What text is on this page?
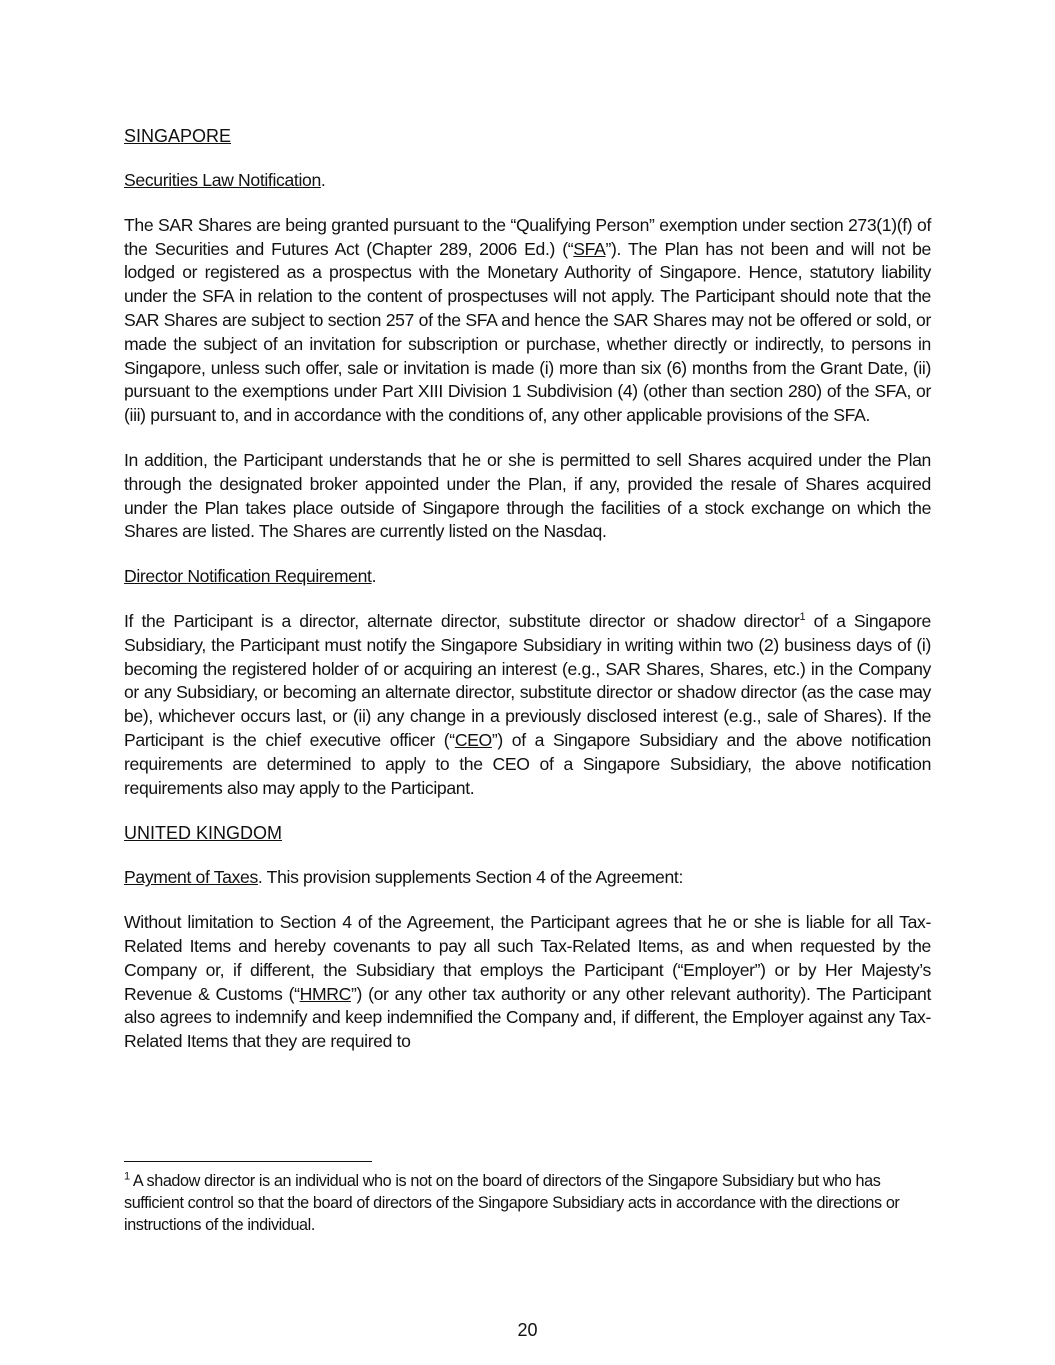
SINGAPORE
Securities Law Notification.
The SAR Shares are being granted pursuant to the “Qualifying Person” exemption under section 273(1)(f) of the Securities and Futures Act (Chapter 289, 2006 Ed.) (“SFA”). The Plan has not been and will not be lodged or registered as a prospectus with the Monetary Authority of Singapore. Hence, statutory liability under the SFA in relation to the content of prospectuses will not apply. The Participant should note that the SAR Shares are subject to section 257 of the SFA and hence the SAR Shares may not be offered or sold, or made the subject of an invitation for subscription or purchase, whether directly or indirectly, to persons in Singapore, unless such offer, sale or invitation is made (i) more than six (6) months from the Grant Date, (ii) pursuant to the exemptions under Part XIII Division 1 Subdivision (4) (other than section 280) of the SFA, or (iii) pursuant to, and in accordance with the conditions of, any other applicable provisions of the SFA.
In addition, the Participant understands that he or she is permitted to sell Shares acquired under the Plan through the designated broker appointed under the Plan, if any, provided the resale of Shares acquired under the Plan takes place outside of Singapore through the facilities of a stock exchange on which the Shares are listed. The Shares are currently listed on the Nasdaq.
Director Notification Requirement.
If the Participant is a director, alternate director, substitute director or shadow director$^1$ of a Singapore Subsidiary, the Participant must notify the Singapore Subsidiary in writing within two (2) business days of (i) becoming the registered holder of or acquiring an interest (e.g., SAR Shares, Shares, etc.) in the Company or any Subsidiary, or becoming an alternate director, substitute director or shadow director (as the case may be), whichever occurs last, or (ii) any change in a previously disclosed interest (e.g., sale of Shares). If the Participant is the chief executive officer (“CEO”) of a Singapore Subsidiary and the above notification requirements are determined to apply to the CEO of a Singapore Subsidiary, the above notification requirements also may apply to the Participant.
UNITED KINGDOM
Payment of Taxes. This provision supplements Section 4 of the Agreement:
Without limitation to Section 4 of the Agreement, the Participant agrees that he or she is liable for all Tax-Related Items and hereby covenants to pay all such Tax-Related Items, as and when requested by the Company or, if different, the Subsidiary that employs the Participant (“Employer”) or by Her Majesty’s Revenue & Customs (“HMRC”) (or any other tax authority or any other relevant authority). The Participant also agrees to indemnify and keep indemnified the Company and, if different, the Employer against any Tax-Related Items that they are required to
$^1$ A shadow director is an individual who is not on the board of directors of the Singapore Subsidiary but who has sufficient control so that the board of directors of the Singapore Subsidiary acts in accordance with the directions or instructions of the individual.
20
